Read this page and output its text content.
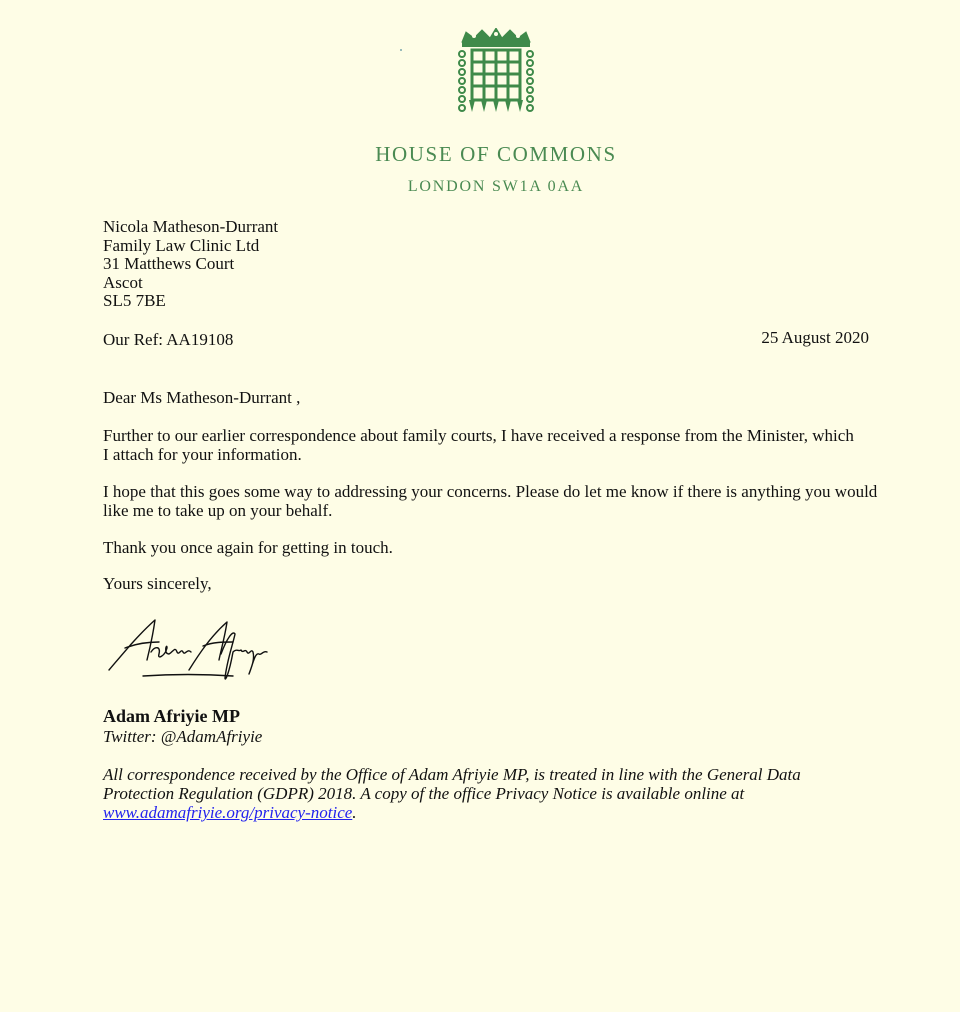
HOUSE OF COMMONS
LONDON SW1A 0AA
Nicola Matheson-Durrant
Family Law Clinic Ltd
31 Matthews Court
Ascot
SL5 7BE
Our Ref: AA19108	25 August 2020
Dear Ms Matheson-Durrant ,
Further to our earlier correspondence about family courts, I have received a response from the Minister, which I attach for your information.
I hope that this goes some way to addressing your concerns. Please do let me know if there is anything you would like me to take up on your behalf.
Thank you once again for getting in touch.
Yours sincerely,
Adam Afriyie MP
Twitter: @AdamAfriyie
All correspondence received by the Office of Adam Afriyie MP, is treated in line with the General Data Protection Regulation (GDPR) 2018. A copy of the office Privacy Notice is available online at www.adamafriyie.org/privacy-notice.
